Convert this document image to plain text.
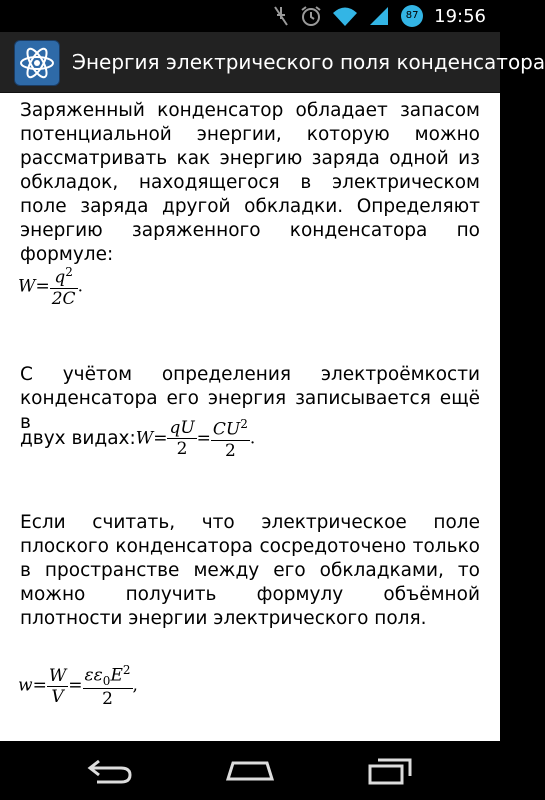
87 19:56
Энергия электрического поля конденсатора
Заряженный конденсатор обладает запасом потенциальной энергии, которую можно рассматривать как энергию заряда одной из обкладок, находящегося в электрическом поле заряда другой обкладки. Определяют энергию заряженного конденсатора по формуле:
$W= \frac{q^2}{2C}$ .
С учётом определения электроёмкости конденсатора его энергия записывается ещё в
двух видах: $W= \frac{qU}{2} = \frac{CU^2}{2}$ .
Если считать, что электрическое поле плоского конденсатора сосредоточено только в пространстве между его обкладками, то можно получить формулу объёмной плотности энергии электрического поля.
$w= \frac{W}{V} = \frac{\varepsilon\varepsilon_0E^2}{2}$ ,
